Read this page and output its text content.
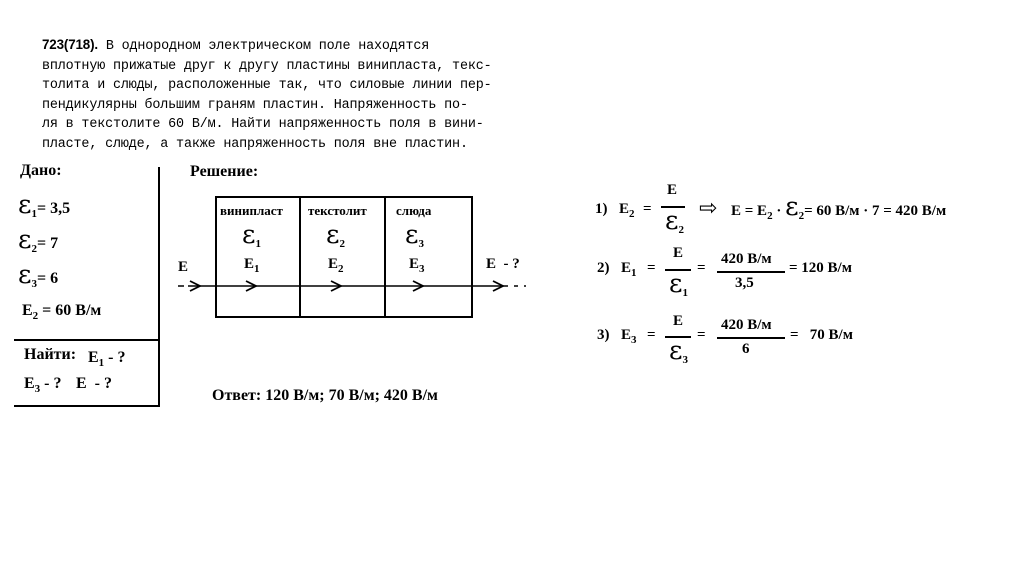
723(718). В однородном электрическом поле находятся
вплотную прижатые друг к другу пластины винипласта, текс-
толита и слюды, расположенные так, что силовые линии пер-
пендикулярны большим граням пластин. Напряженность по-
ля в текстолите 60 В/м. Найти напряженность поля в вини-
пласте, слюде, а также напряженность поля вне пластин.
Дано:
ɛ$_1$= 3,5
ɛ$_2$= 7
ɛ$_3$= 6
$E_2 = 60$ В/м
Найти: $E_1$ - ?
$E_3$ - ? E  - ?
Решение:
винипласт текстолит слюда
ɛ$_1$	ɛ$_2$ ɛ$_3$
$E_1$	$E_2$	$E_3$
E	E  - ?
Ответ: 120 В/м; 70 В/м; 420 В/м
1) $E_2$ =
E
ɛ$_2$
⇨ $E = E_2$ · ɛ$_2$= 60 В/м · 7 = 420 В/м
2) $E_1$ =
E
ɛ$_1$
=
420 В/м
3,5
= 120 В/м
3) $E_3$ =
E
ɛ$_3$
=
420 В/м
6
=   70 В/м
